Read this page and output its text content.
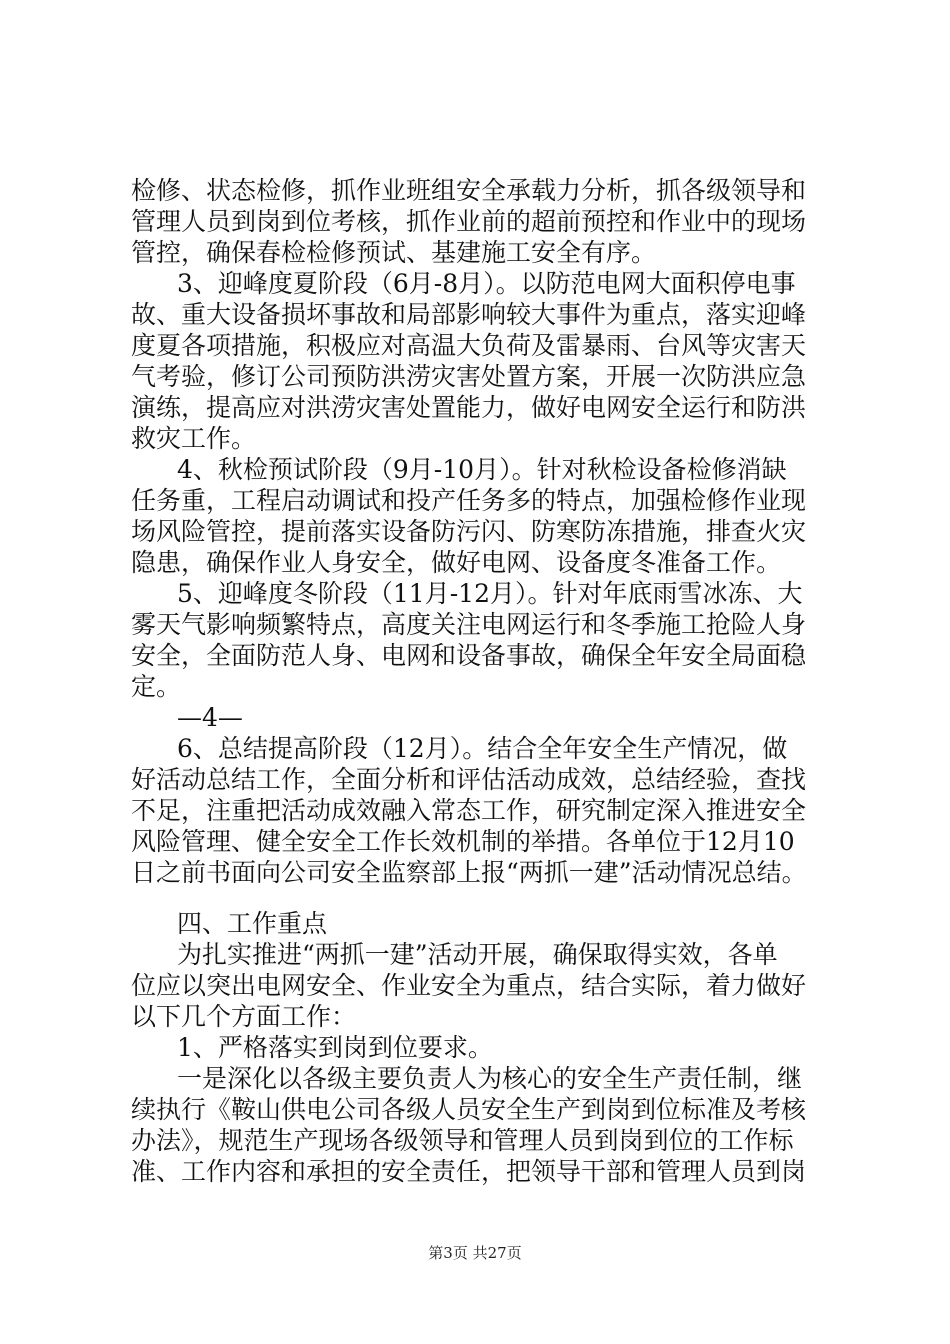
检修、状态检修，抓作业班组安全承载力分析，抓各级领导和
管理人员到岗到位考核，抓作业前的超前预控和作业中的现场
管控，确保春检检修预试、基建施工安全有序。
3、迎峰度夏阶段（6月-8月）。以防范电网大面积停电事
故、重大设备损坏事故和局部影响较大事件为重点，落实迎峰
度夏各项措施，积极应对高温大负荷及雷暴雨、台风等灾害天
气考验，修订公司预防洪涝灾害处置方案，开展一次防洪应急
演练，提高应对洪涝灾害处置能力，做好电网安全运行和防洪
救灾工作。
4、秋检预试阶段（9月-10月）。针对秋检设备检修消缺
任务重，工程启动调试和投产任务多的特点，加强检修作业现
场风险管控，提前落实设备防污闪、防寒防冻措施，排查火灾
隐患，确保作业人身安全，做好电网、设备度冬准备工作。
5、迎峰度冬阶段（11月-12月）。针对年底雨雪冰冻、大
雾天气影响频繁特点，高度关注电网运行和冬季施工抢险人身
安全，全面防范人身、电网和设备事故，确保全年安全局面稳
定。
—4—
6、总结提高阶段（12月）。结合全年安全生产情况，做
好活动总结工作，全面分析和评估活动成效，总结经验，查找
不足，注重把活动成效融入常态工作，研究制定深入推进安全
风险管理、健全安全工作长效机制的举措。各单位于12月10
日之前书面向公司安全监察部上报“两抓一建”活动情况总结。
四、工作重点
为扎实推进“两抓一建”活动开展，确保取得实效，各单
位应以突出电网安全、作业安全为重点，结合实际，着力做好
以下几个方面工作：
1、严格落实到岗到位要求。
一是深化以各级主要负责人为核心的安全生产责任制，继
续执行《鞍山供电公司各级人员安全生产到岗到位标准及考核
办法》，规范生产现场各级领导和管理人员到岗到位的工作标
准、工作内容和承担的安全责任，把领导干部和管理人员到岗
第3页 共27页
